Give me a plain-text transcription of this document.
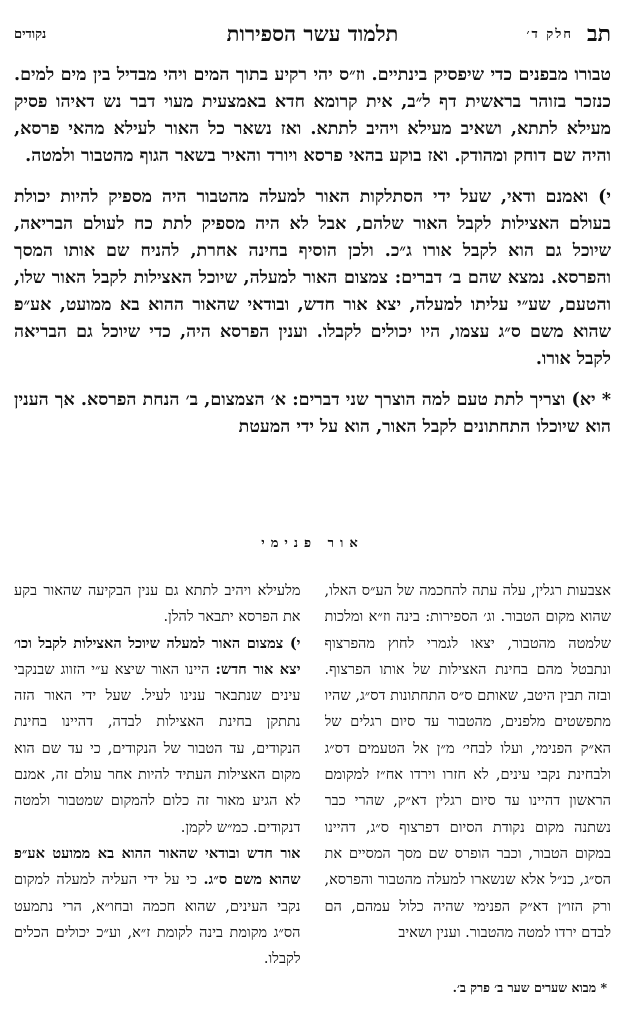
תב
חלק ד׳
תלמוד עשר הספירות
נקודים

טבורו מבפנים כדי שיפסיק בינתיים. וז״ס יהי רקיע בתוך המים ויהי מבדיל בין מים למים. כנזכר בזוהר בראשית דף ל״ב, אית קרומא חדא באמצעית מעוי דבר נש דאיהו פסיק מעילא לתתא, ושאיב מעילא ויהיב לתתא. ואז נשאר כל האור לעילא מהאי פרסא, והיה שם דוחק ומהודק. ואז בוקע בהאי פרסא ויורד והאיר בשאר הגוף מהטבור ולמטה.

י) ואמנם ודאי, שעל ידי הסתלקות האור למעלה מהטבור היה מספיק להיות יכולת בעולם האצילות לקבל האור שלהם, אבל לא היה מספיק לתת כח לעולם הבריאה, שיוכל גם הוא לקבל אורו ג״כ. ולכן הוסיף בחינה אחרת, להניח שם אותו המסך והפרסא. נמצא שהם ב׳ דברים: צמצום האור למעלה, שיוכל האצילות לקבל האור שלו, והטעם, שע״י עליתו למעלה, יצא אור חדש, ובודאי שהאור ההוא בא ממועט, אע״פ שהוא משם ס״ג עצמו, היו יכולים לקבלו. וענין הפרסא היה, כדי שיוכל גם הבריאה לקבל אורו.

* יא) וצריך לתת טעם למה הוצרך שני דברים: א׳ הצמצום, ב׳ הנחת הפרסא. אך הענין הוא שיוכלו התחתונים לקבל האור, הוא על ידי המעטת

אור פנימי

אצבעות רגלין, עלה עתה להחכמה של הע״ס האלו, שהוא מקום הטבור. וג׳ הספירות: בינה וז״א ומלכות שלמטה מהטבור, יצאו לגמרי לחוץ מהפרצוף ונתבטל מהם בחינת האצילות של אותו הפרצוף. ובזה תבין היטב, שאותם ס״ס התחתונות דס״ג, שהיו מתפשטים מלפנים, מהטבור עד סיום רגלים של הא״ק הפנימי, ועלו לבחי׳ מ״ן אל הטעמים דס״ג ולבחינת נקבי עינים, לא חזרו וירדו אח״ז למקומם הראשון דהיינו עד סיום רגלין דא״ק, שהרי כבר נשתנה מקום נקודת הסיום דפרצוף ס״ג, דהיינו במקום הטבור, וכבר הופרס שם מסך המסיים את הס״ג, כנ״ל אלא שנשארו למעלה מהטבור והפרסא, ורק הזו״ן דא״ק הפנימי שהיה כלול עמהם, הם לבדם ירדו למטה מהטבור. וענין ושאיב

מלעילא ויהיב לתתא גם ענין הבקיעה שהאור בקע את הפרסא יתבאר להלן.

י) צמצום האור למעלה שיוכל האצילות לקבל וכו׳ יצא אור חדש: היינו האור שיצא ע״י הזווג שבנקבי עינים שנתבאר ענינו לעיל. שעל ידי האור הזה נתתקן בחינת האצילות לבדה, דהיינו בחינת הנקודים, עד הטבור של הנקודים, כי עד שם הוא מקום האצילות העתיד להיות אחר עולם זה, אמנם לא הגיע מאור זה כלום להמקום שמטבור ולמטה דנקודים. כמ״ש לקמן.

אור חדש ובודאי שהאור ההוא בא ממועט אע״פ שהוא משם ס״ג. כי על ידי העליה למעלה למקום נקבי העינים, שהוא חכמה ובחו״א, הרי נתמעט הס״ג מקומת בינה לקומת ז״א, וע״כ יכולים הכלים לקבלו.

* מבוא שערים שער ב׳ פרק ב׳.
